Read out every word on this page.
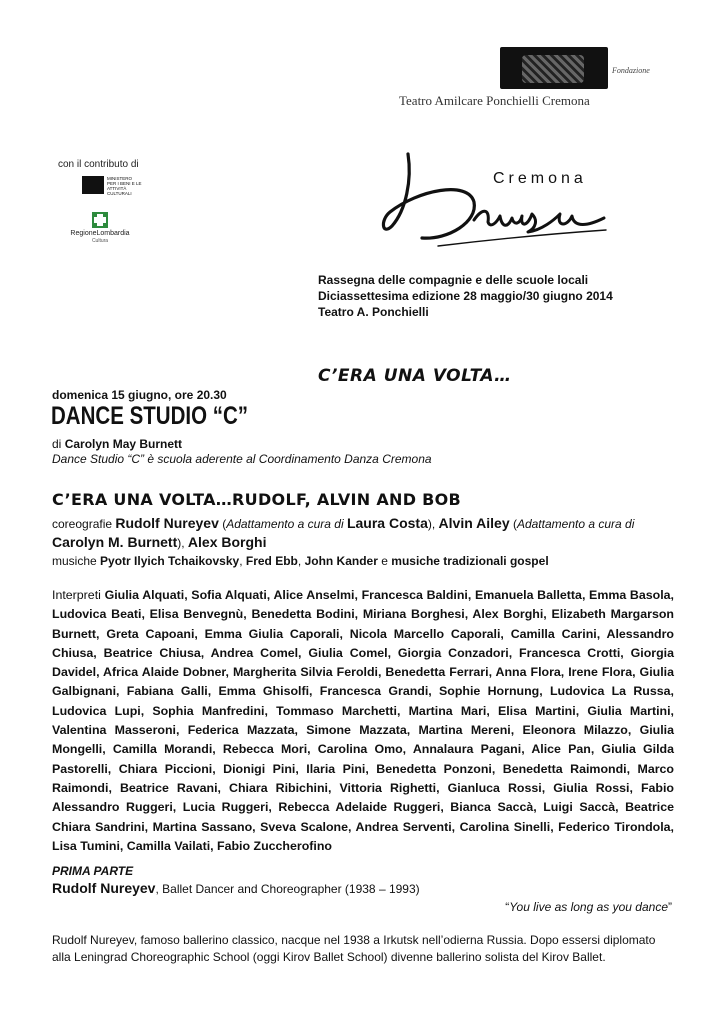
Fondazione
Teatro Amilcare Ponchielli Cremona
con il contributo di
MINISTERO PER I BENI E LE ATTIVITÀ CULTURALI
RegioneLombardia
Cultura
Cremona
Rassegna delle compagnie e delle scuole locali
Diciassettesima edizione 28 maggio/30 giugno 2014
Teatro A. Ponchielli
C’ERA UNA VOLTA…
domenica 15 giugno, ore 20.30
DANCE STUDIO “C”
di Carolyn May Burnett
Dance Studio “C” è scuola aderente al Coordinamento Danza Cremona
C’ERA UNA VOLTA…RUDOLF, ALVIN AND BOB
coreografie Rudolf Nureyev (Adattamento a cura di Laura Costa), Alvin Ailey (Adattamento a cura di Carolyn M. Burnett), Alex Borghi
musiche Pyotr Ilyich Tchaikovsky, Fred Ebb, John Kander e musiche tradizionali gospel
Interpreti Giulia Alquati, Sofia Alquati, Alice Anselmi, Francesca Baldini, Emanuela Balletta, Emma Basola, Ludovica Beati, Elisa Benvegnù, Benedetta Bodini, Miriana Borghesi, Alex Borghi, Elizabeth Margarson Burnett, Greta Capoani, Emma Giulia Caporali, Nicola Marcello Caporali, Camilla Carini, Alessandro Chiusa, Beatrice Chiusa, Andrea Comel, Giulia Comel, Giorgia Conzadori, Francesca Crotti, Giorgia Davidel, Africa Alaide Dobner, Margherita Silvia Feroldi, Benedetta Ferrari, Anna Flora, Irene Flora, Giulia Galbignani, Fabiana Galli, Emma Ghisolfi, Francesca Grandi, Sophie Hornung, Ludovica La Russa, Ludovica Lupi, Sophia Manfredini, Tommaso Marchetti, Martina Mari, Elisa Martini, Giulia Martini, Valentina Masseroni, Federica Mazzata, Simone Mazzata, Martina Mereni, Eleonora Milazzo, Giulia Mongelli, Camilla Morandi, Rebecca Mori, Carolina Omo, Annalaura Pagani, Alice Pan, Giulia Gilda Pastorelli, Chiara Piccioni, Dionigi Pini, Ilaria Pini, Benedetta Ponzoni, Benedetta Raimondi, Marco Raimondi, Beatrice Ravani, Chiara Ribichini, Vittoria Righetti, Gianluca Rossi, Giulia Rossi, Fabio Alessandro Ruggeri, Lucia Ruggeri, Rebecca Adelaide Ruggeri, Bianca Saccà, Luigi Saccà, Beatrice Chiara Sandrini, Martina Sassano, Sveva Scalone, Andrea Serventi, Carolina Sinelli, Federico Tirondola, Lisa Tumini, Camilla Vailati, Fabio Zuccherofino
PRIMA PARTE
Rudolf Nureyev, Ballet Dancer and Choreographer (1938 – 1993)
“You live as long as you dance”
Rudolf Nureyev, famoso ballerino classico, nacque nel 1938 a Irkutsk nell’odierna Russia. Dopo essersi diplomato alla Leningrad Choreographic School (oggi Kirov Ballet School) divenne ballerino solista del Kirov Ballet.
